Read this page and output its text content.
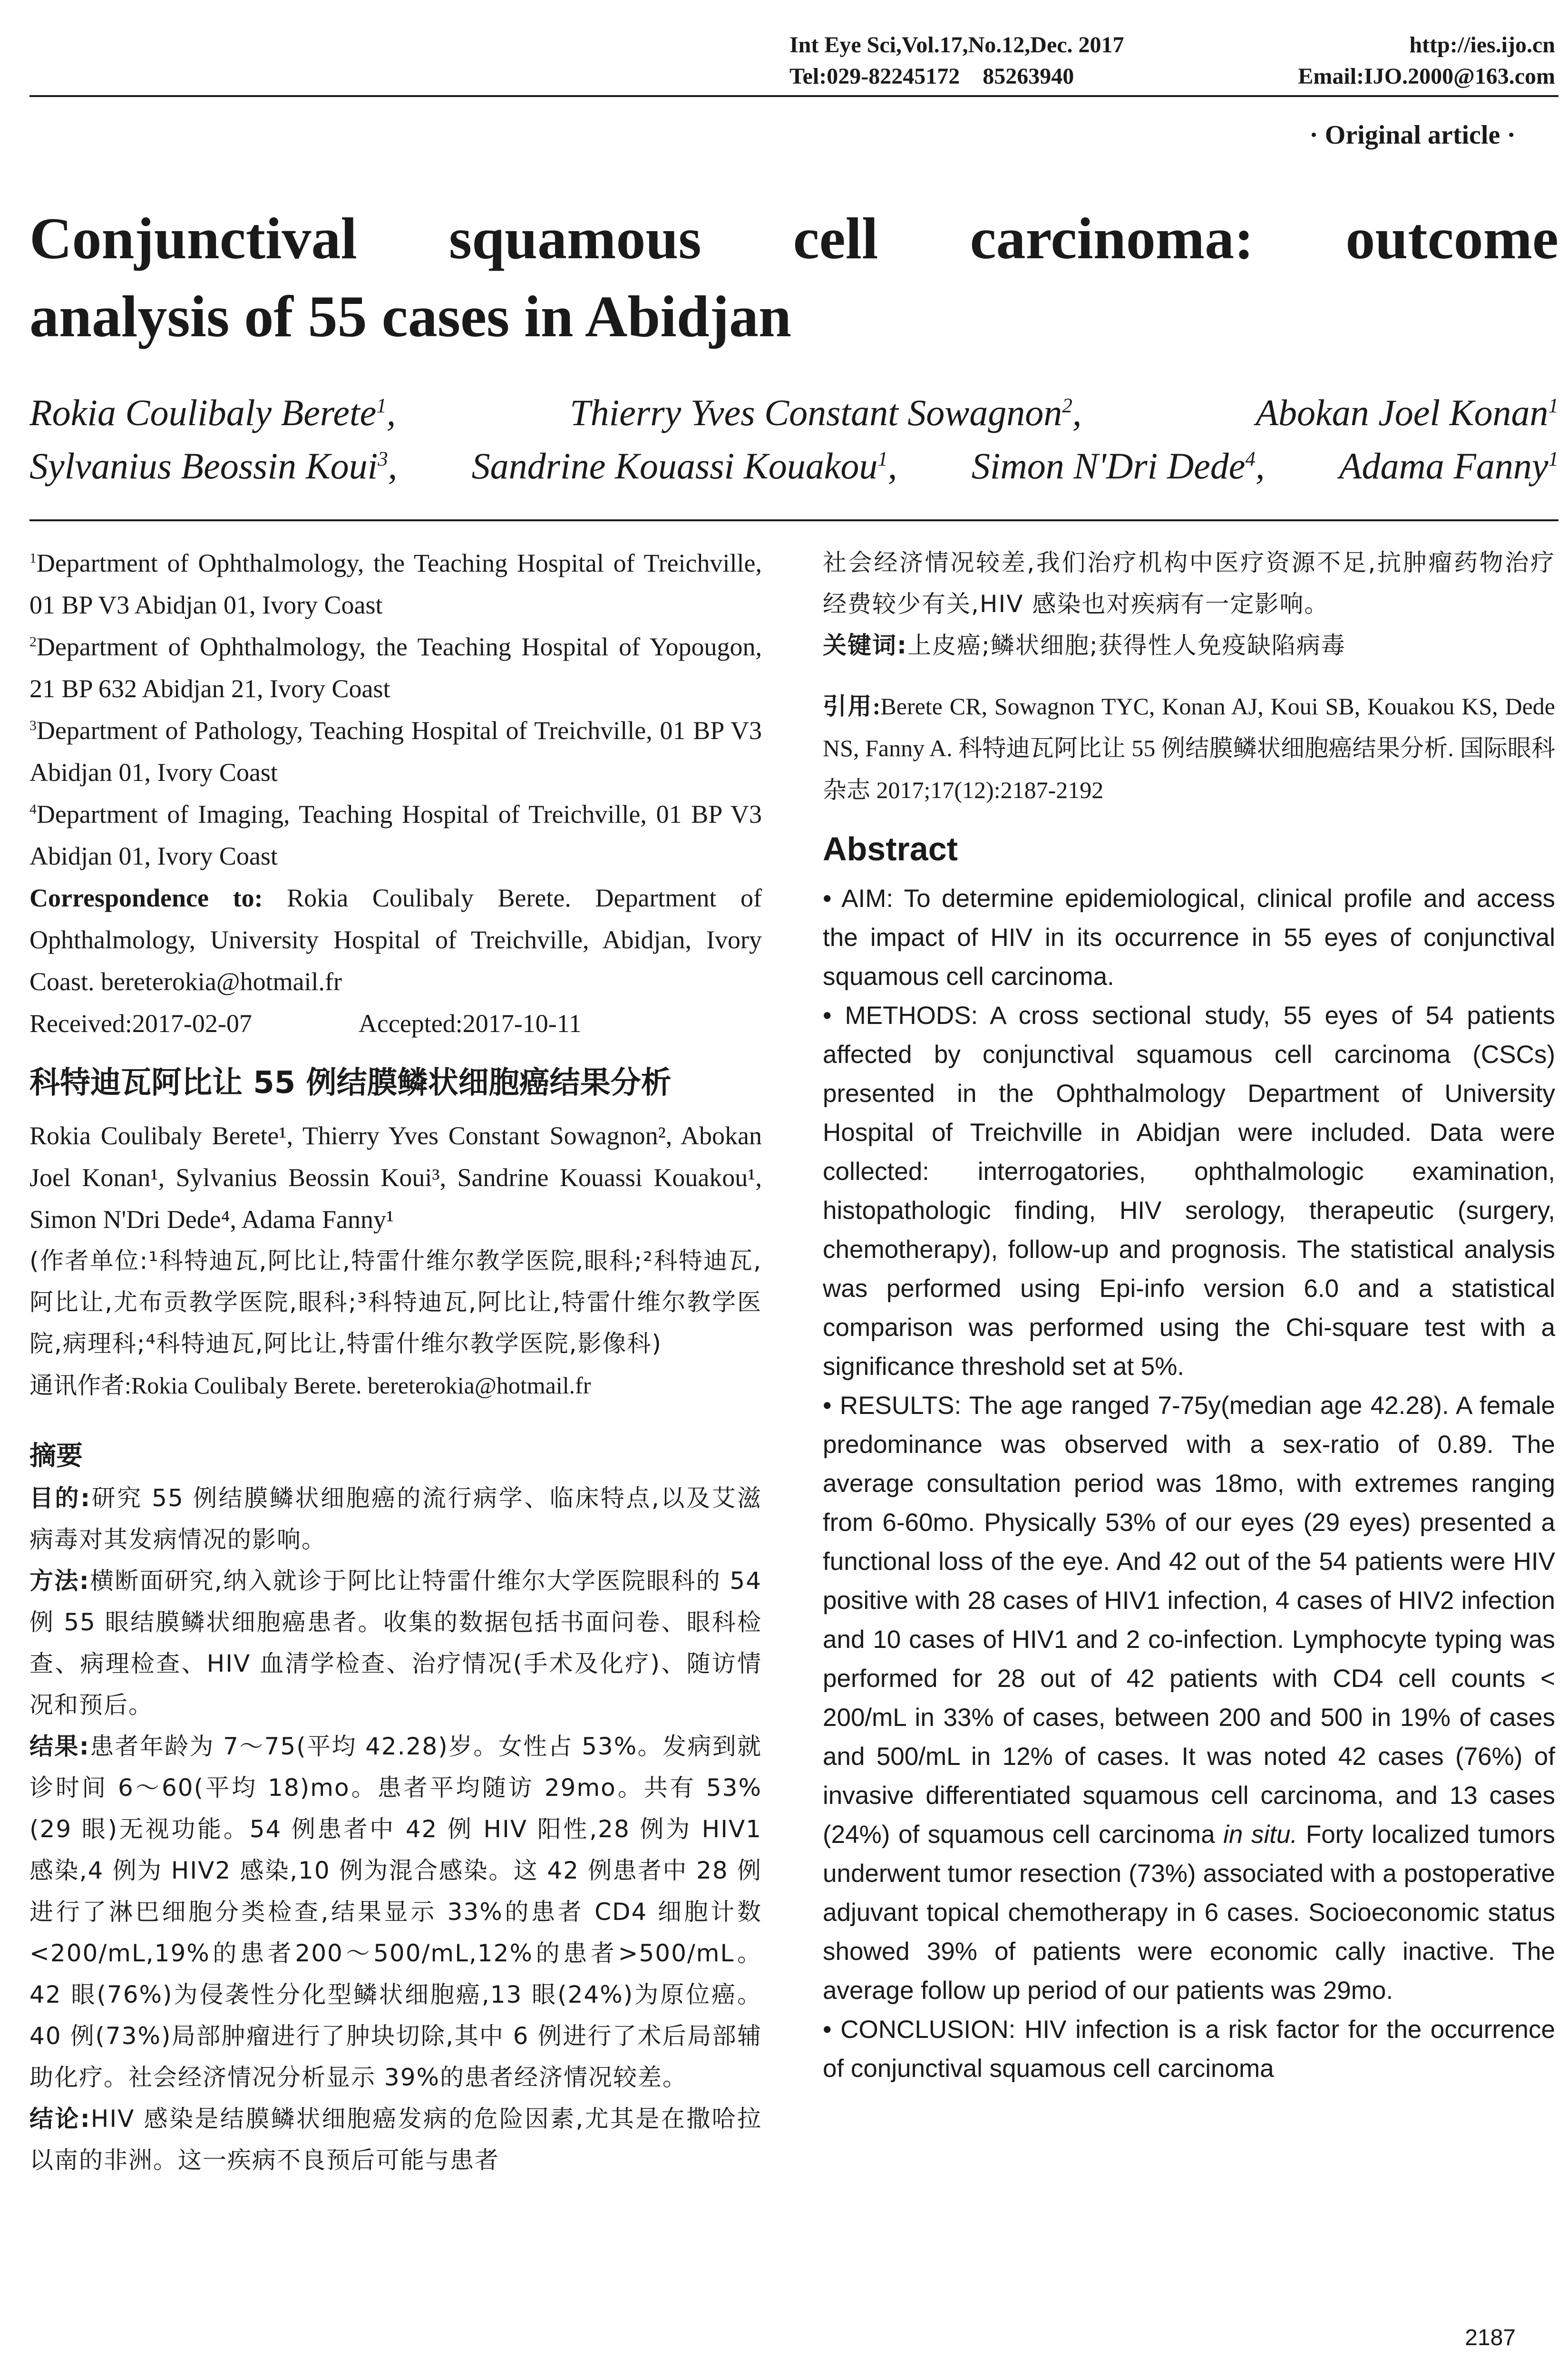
Int Eye Sci,Vol.17,No.12,Dec. 2017	http://ies.ijo.cn
Tel:029-82245172    85263940	Email:IJO.2000@163.com
· Original article ·
Conjunctival squamous cell carcinoma: outcome
analysis of 55 cases in Abidjan
Rokia Coulibaly Berete$^1$,	Thierry Yves Constant Sowagnon$^2$,	Abokan Joel Konan$^1$
Sylvanius Beossin Koui$^3$, Sandrine Kouassi Kouakou$^1$, Simon N'Dri Dede$^4$, Adama Fanny$^1$
$^1$Department of Ophthalmology, the Teaching Hospital of Treichville, 01 BP V3 Abidjan 01, Ivory Coast
$^2$Department of Ophthalmology, the Teaching Hospital of Yopougon, 21 BP 632 Abidjan 21, Ivory Coast
$^3$Department of Pathology, Teaching Hospital of Treichville, 01 BP V3 Abidjan 01, Ivory Coast
$^4$Department of Imaging, Teaching Hospital of Treichville, 01 BP V3 Abidjan 01, Ivory Coast
Correspondence to: Rokia Coulibaly Berete. Department of Ophthalmology, University Hospital of Treichville, Abidjan, Ivory Coast. bereterokia@hotmail.fr
Received:2017-02-07	Accepted:2017-10-11
科特迪瓦阿比让 55 例结膜鳞状细胞癌结果分析
Rokia Coulibaly Berete¹, Thierry Yves Constant Sowagnon², Abokan Joel Konan¹, Sylvanius Beossin Koui³, Sandrine Kouassi Kouakou¹, Simon N'Dri Dede⁴, Adama Fanny¹
(作者单位:¹科特迪瓦,阿比让,特雷什维尔教学医院,眼科;²科特迪瓦,阿比让,尤布贡教学医院,眼科;³科特迪瓦,阿比让,特雷什维尔教学医院,病理科;⁴科特迪瓦,阿比让,特雷什维尔教学医院,影像科)
通讯作者:Rokia Coulibaly Berete. bereterokia@hotmail.fr
摘要
目的:研究 55 例结膜鳞状细胞癌的流行病学、临床特点,以及艾滋病毒对其发病情况的影响。
方法:横断面研究,纳入就诊于阿比让特雷什维尔大学医院眼科的 54 例 55 眼结膜鳞状细胞癌患者。收集的数据包括书面问卷、眼科检查、病理检查、HIV 血清学检查、治疗情况(手术及化疗)、随访情况和预后。
结果:患者年龄为 7～75(平均 42.28)岁。女性占 53%。发病到就诊时间 6～60(平均 18)mo。患者平均随访 29mo。共有 53%(29 眼)无视功能。54 例患者中 42 例 HIV 阳性,28 例为 HIV1 感染,4 例为 HIV2 感染,10 例为混合感染。这 42 例患者中 28 例进行了淋巴细胞分类检查,结果显示 33%的患者 CD4 细胞计数<200/mL,19%的患者200～500/mL,12%的患者>500/mL。42 眼(76%)为侵袭性分化型鳞状细胞癌,13 眼(24%)为原位癌。40 例(73%)局部肿瘤进行了肿块切除,其中 6 例进行了术后局部辅助化疗。社会经济情况分析显示 39%的患者经济情况较差。
结论:HIV 感染是结膜鳞状细胞癌发病的危险因素,尤其是在撒哈拉以南的非洲。这一疾病不良预后可能与患者
社会经济情况较差,我们治疗机构中医疗资源不足,抗肿瘤药物治疗经费较少有关,HIV 感染也对疾病有一定影响。
关键词:上皮癌;鳞状细胞;获得性人免疫缺陷病毒
引用:Berete CR, Sowagnon TYC, Konan AJ, Koui SB, Kouakou KS, Dede NS, Fanny A. 科特迪瓦阿比让 55 例结膜鳞状细胞癌结果分析. 国际眼科杂志 2017;17(12):2187-2192
Abstract
• AIM: To determine epidemiological, clinical profile and access the impact of HIV in its occurrence in 55 eyes of conjunctival squamous cell carcinoma.
• METHODS: A cross sectional study, 55 eyes of 54 patients affected by conjunctival squamous cell carcinoma (CSCs) presented in the Ophthalmology Department of University Hospital of Treichville in Abidjan were included. Data were collected: interrogatories, ophthalmologic examination, histopathologic finding, HIV serology, therapeutic (surgery, chemotherapy), follow-up and prognosis. The statistical analysis was performed using Epi-info version 6.0 and a statistical comparison was performed using the Chi-square test with a significance threshold set at 5%.
• RESULTS: The age ranged 7-75y(median age 42.28). A female predominance was observed with a sex-ratio of 0.89. The average consultation period was 18mo, with extremes ranging from 6-60mo. Physically 53% of our eyes (29 eyes) presented a functional loss of the eye. And 42 out of the 54 patients were HIV positive with 28 cases of HIV1 infection, 4 cases of HIV2 infection and 10 cases of HIV1 and 2 co-infection. Lymphocyte typing was performed for 28 out of 42 patients with CD4 cell counts < 200/mL in 33% of cases, between 200 and 500 in 19% of cases and 500/mL in 12% of cases. It was noted 42 cases (76%) of invasive differentiated squamous cell carcinoma, and 13 cases (24%) of squamous cell carcinoma in situ. Forty localized tumors underwent tumor resection (73%) associated with a postoperative adjuvant topical chemotherapy in 6 cases. Socioeconomic status showed 39% of patients were economic cally inactive. The average follow up period of our patients was 29mo.
• CONCLUSION: HIV infection is a risk factor for the occurrence of conjunctival squamous cell carcinoma
2187
